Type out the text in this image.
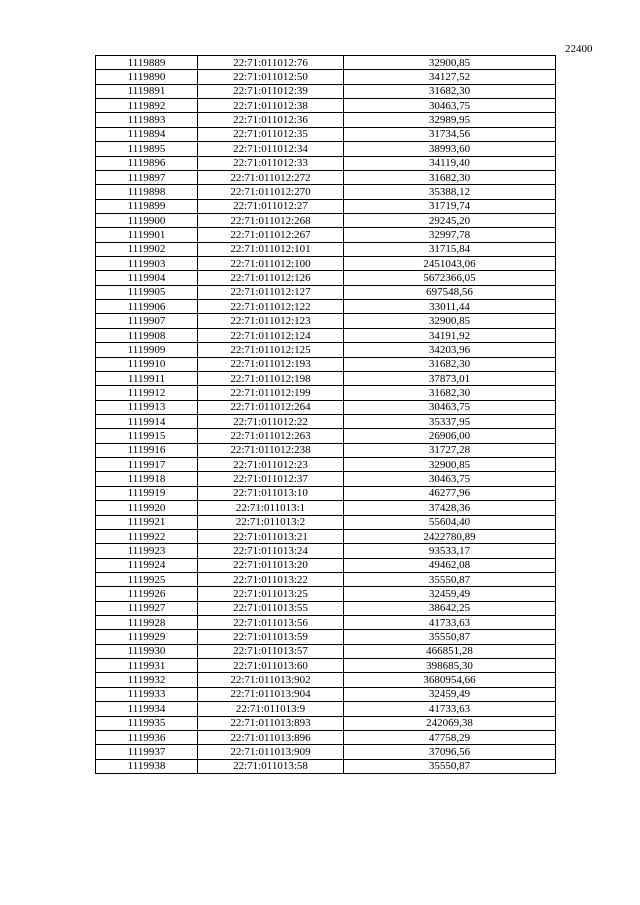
22400
1119889	22:71:011012:76	32900,85
1119890	22:71:011012:50	34127,52
1119891	22:71:011012:39	31682,30
1119892	22:71:011012:38	30463,75
1119893	22:71:011012:36	32989,95
1119894	22:71:011012:35	31734,56
1119895	22:71:011012:34	38993,60
1119896	22:71:011012:33	34119,40
1119897	22:71:011012:272	31682,30
1119898	22:71:011012:270	35388,12
1119899	22:71:011012:27	31719,74
1119900	22:71:011012:268	29245,20
1119901	22:71:011012:267	32997,78
1119902	22:71:011012:101	31715,84
1119903	22:71:011012:100	2451043,06
1119904	22:71:011012:126	5672366,05
1119905	22:71:011012:127	697548,56
1119906	22:71:011012:122	33011,44
1119907	22:71:011012:123	32900,85
1119908	22:71:011012:124	34191,92
1119909	22:71:011012:125	34203,96
1119910	22:71:011012:193	31682,30
1119911	22:71:011012:198	37873,01
1119912	22:71:011012:199	31682,30
1119913	22:71:011012:264	30463,75
1119914	22:71:011012:22	35337,95
1119915	22:71:011012:263	26906,00
1119916	22:71:011012:238	31727,28
1119917	22:71:011012:23	32900,85
1119918	22:71:011012:37	30463,75
1119919	22:71:011013:10	46277,96
1119920	22:71:011013:1	37428,36
1119921	22:71:011013:2	55604,40
1119922	22:71:011013:21	2422780,89
1119923	22:71:011013:24	93533,17
1119924	22:71:011013:20	49462,08
1119925	22:71:011013:22	35550,87
1119926	22:71:011013:25	32459,49
1119927	22:71:011013:55	38642,25
1119928	22:71:011013:56	41733,63
1119929	22:71:011013:59	35550,87
1119930	22:71:011013:57	466851,28
1119931	22:71:011013:60	398685,30
1119932	22:71:011013:902	3680954,66
1119933	22:71:011013:904	32459,49
1119934	22:71:011013:9	41733,63
1119935	22:71:011013:893	242069,38
1119936	22:71:011013:896	47758,29
1119937	22:71:011013:909	37096,56
1119938	22:71:011013:58	35550,87
